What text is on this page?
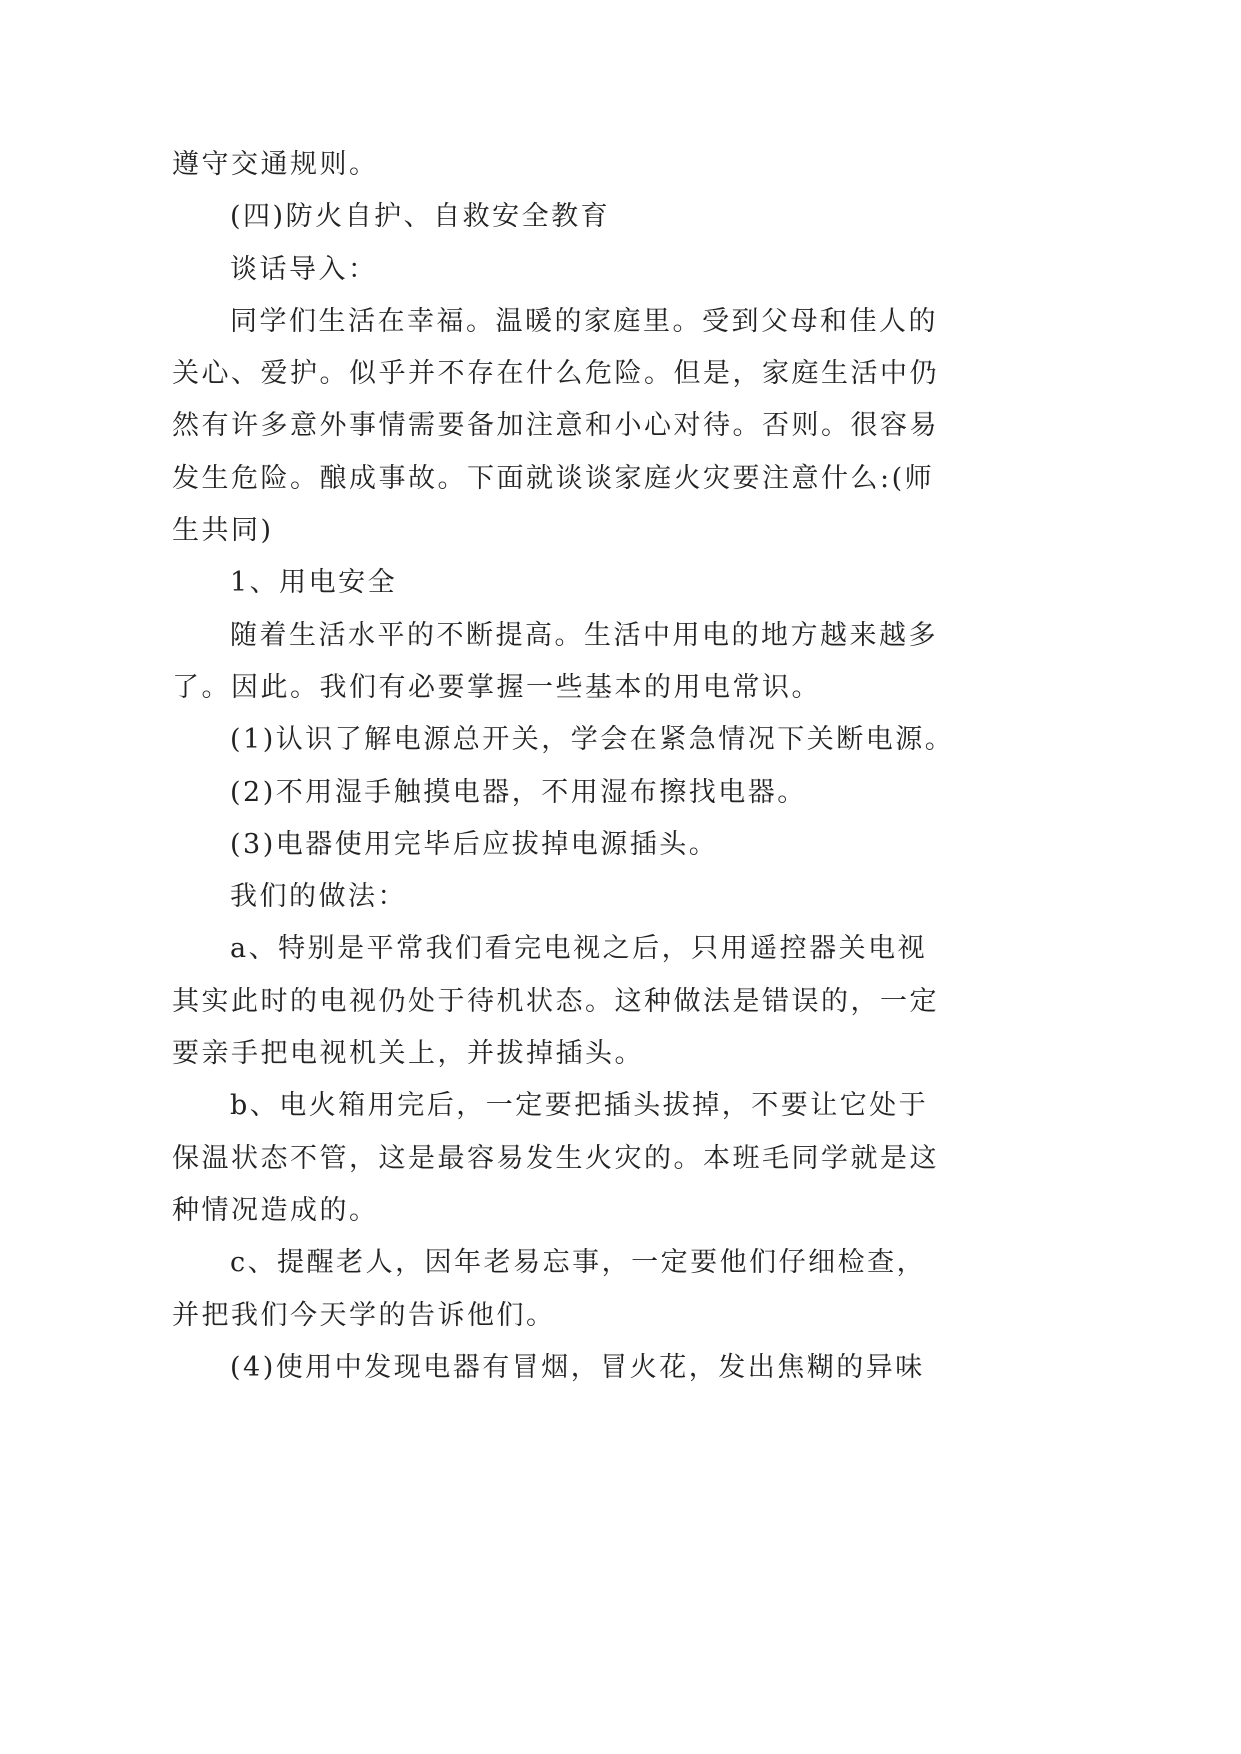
遵守交通规则。
(四)防火自护、自救安全教育
谈话导入：
同学们生活在幸福。温暖的家庭里。受到父母和佳人的
关心、爱护。似乎并不存在什么危险。但是，家庭生活中仍
然有许多意外事情需要备加注意和小心对待。否则。很容易
发生危险。酿成事故。下面就谈谈家庭火灾要注意什么:(师
生共同)
1、用电安全
随着生活水平的不断提高。生活中用电的地方越来越多
了。因此。我们有必要掌握一些基本的用电常识。
(1)认识了解电源总开关，学会在紧急情况下关断电源。
(2)不用湿手触摸电器，不用湿布擦找电器。
(3)电器使用完毕后应拔掉电源插头。
我们的做法：
a、特别是平常我们看完电视之后，只用遥控器关电视
其实此时的电视仍处于待机状态。这种做法是错误的，一定
要亲手把电视机关上，并拔掉插头。
b、电火箱用完后，一定要把插头拔掉，不要让它处于
保温状态不管，这是最容易发生火灾的。本班毛同学就是这
种情况造成的。
c、提醒老人，因年老易忘事，一定要他们仔细检查，
并把我们今天学的告诉他们。
(4)使用中发现电器有冒烟，冒火花，发出焦糊的异味
